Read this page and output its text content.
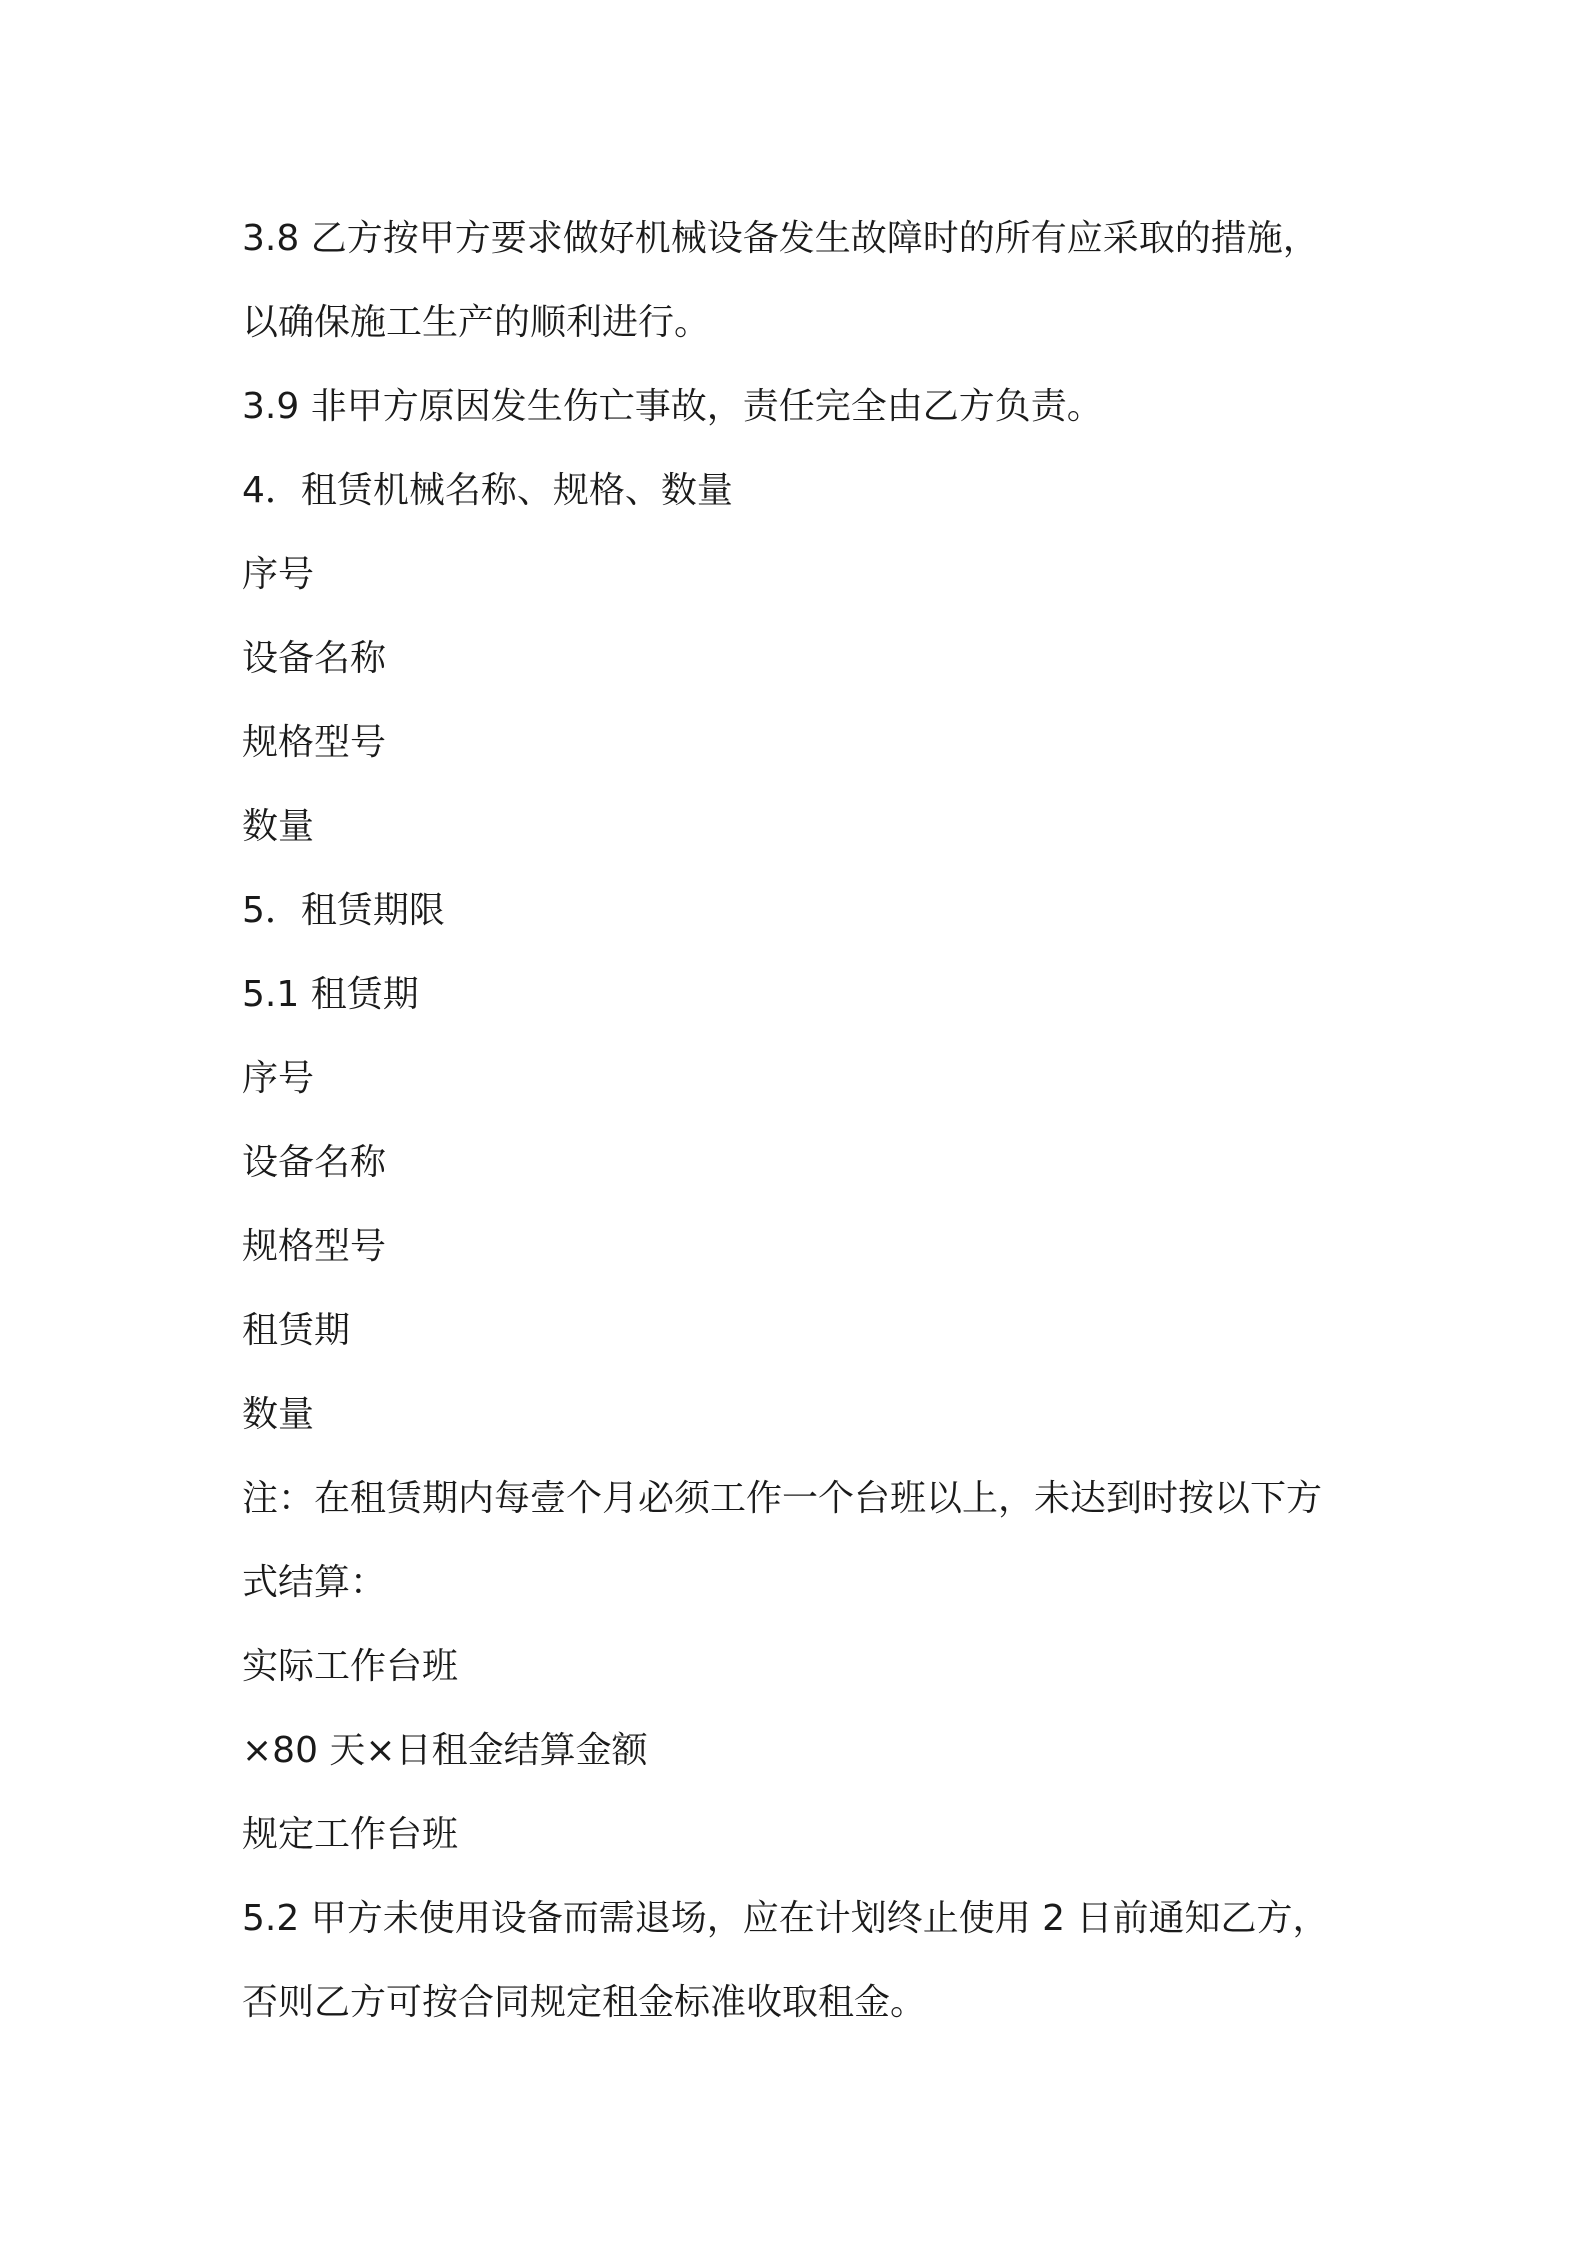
3.8 乙方按甲方要求做好机械设备发生故障时的所有应采取的措施，

以确保施工生产的顺利进行。

3.9 非甲方原因发生伤亡事故，责任完全由乙方负责。

4．租赁机械名称、规格、数量

序号

设备名称

规格型号

数量

5．租赁期限

5.1 租赁期

序号

设备名称

规格型号

租赁期

数量

注：在租赁期内每壹个月必须工作一个台班以上，未达到时按以下方

式结算：

实际工作台班

×80 天×日租金结算金额

规定工作台班

5.2 甲方未使用设备而需退场，应在计划终止使用 2 日前通知乙方，

否则乙方可按合同规定租金标准收取租金。
